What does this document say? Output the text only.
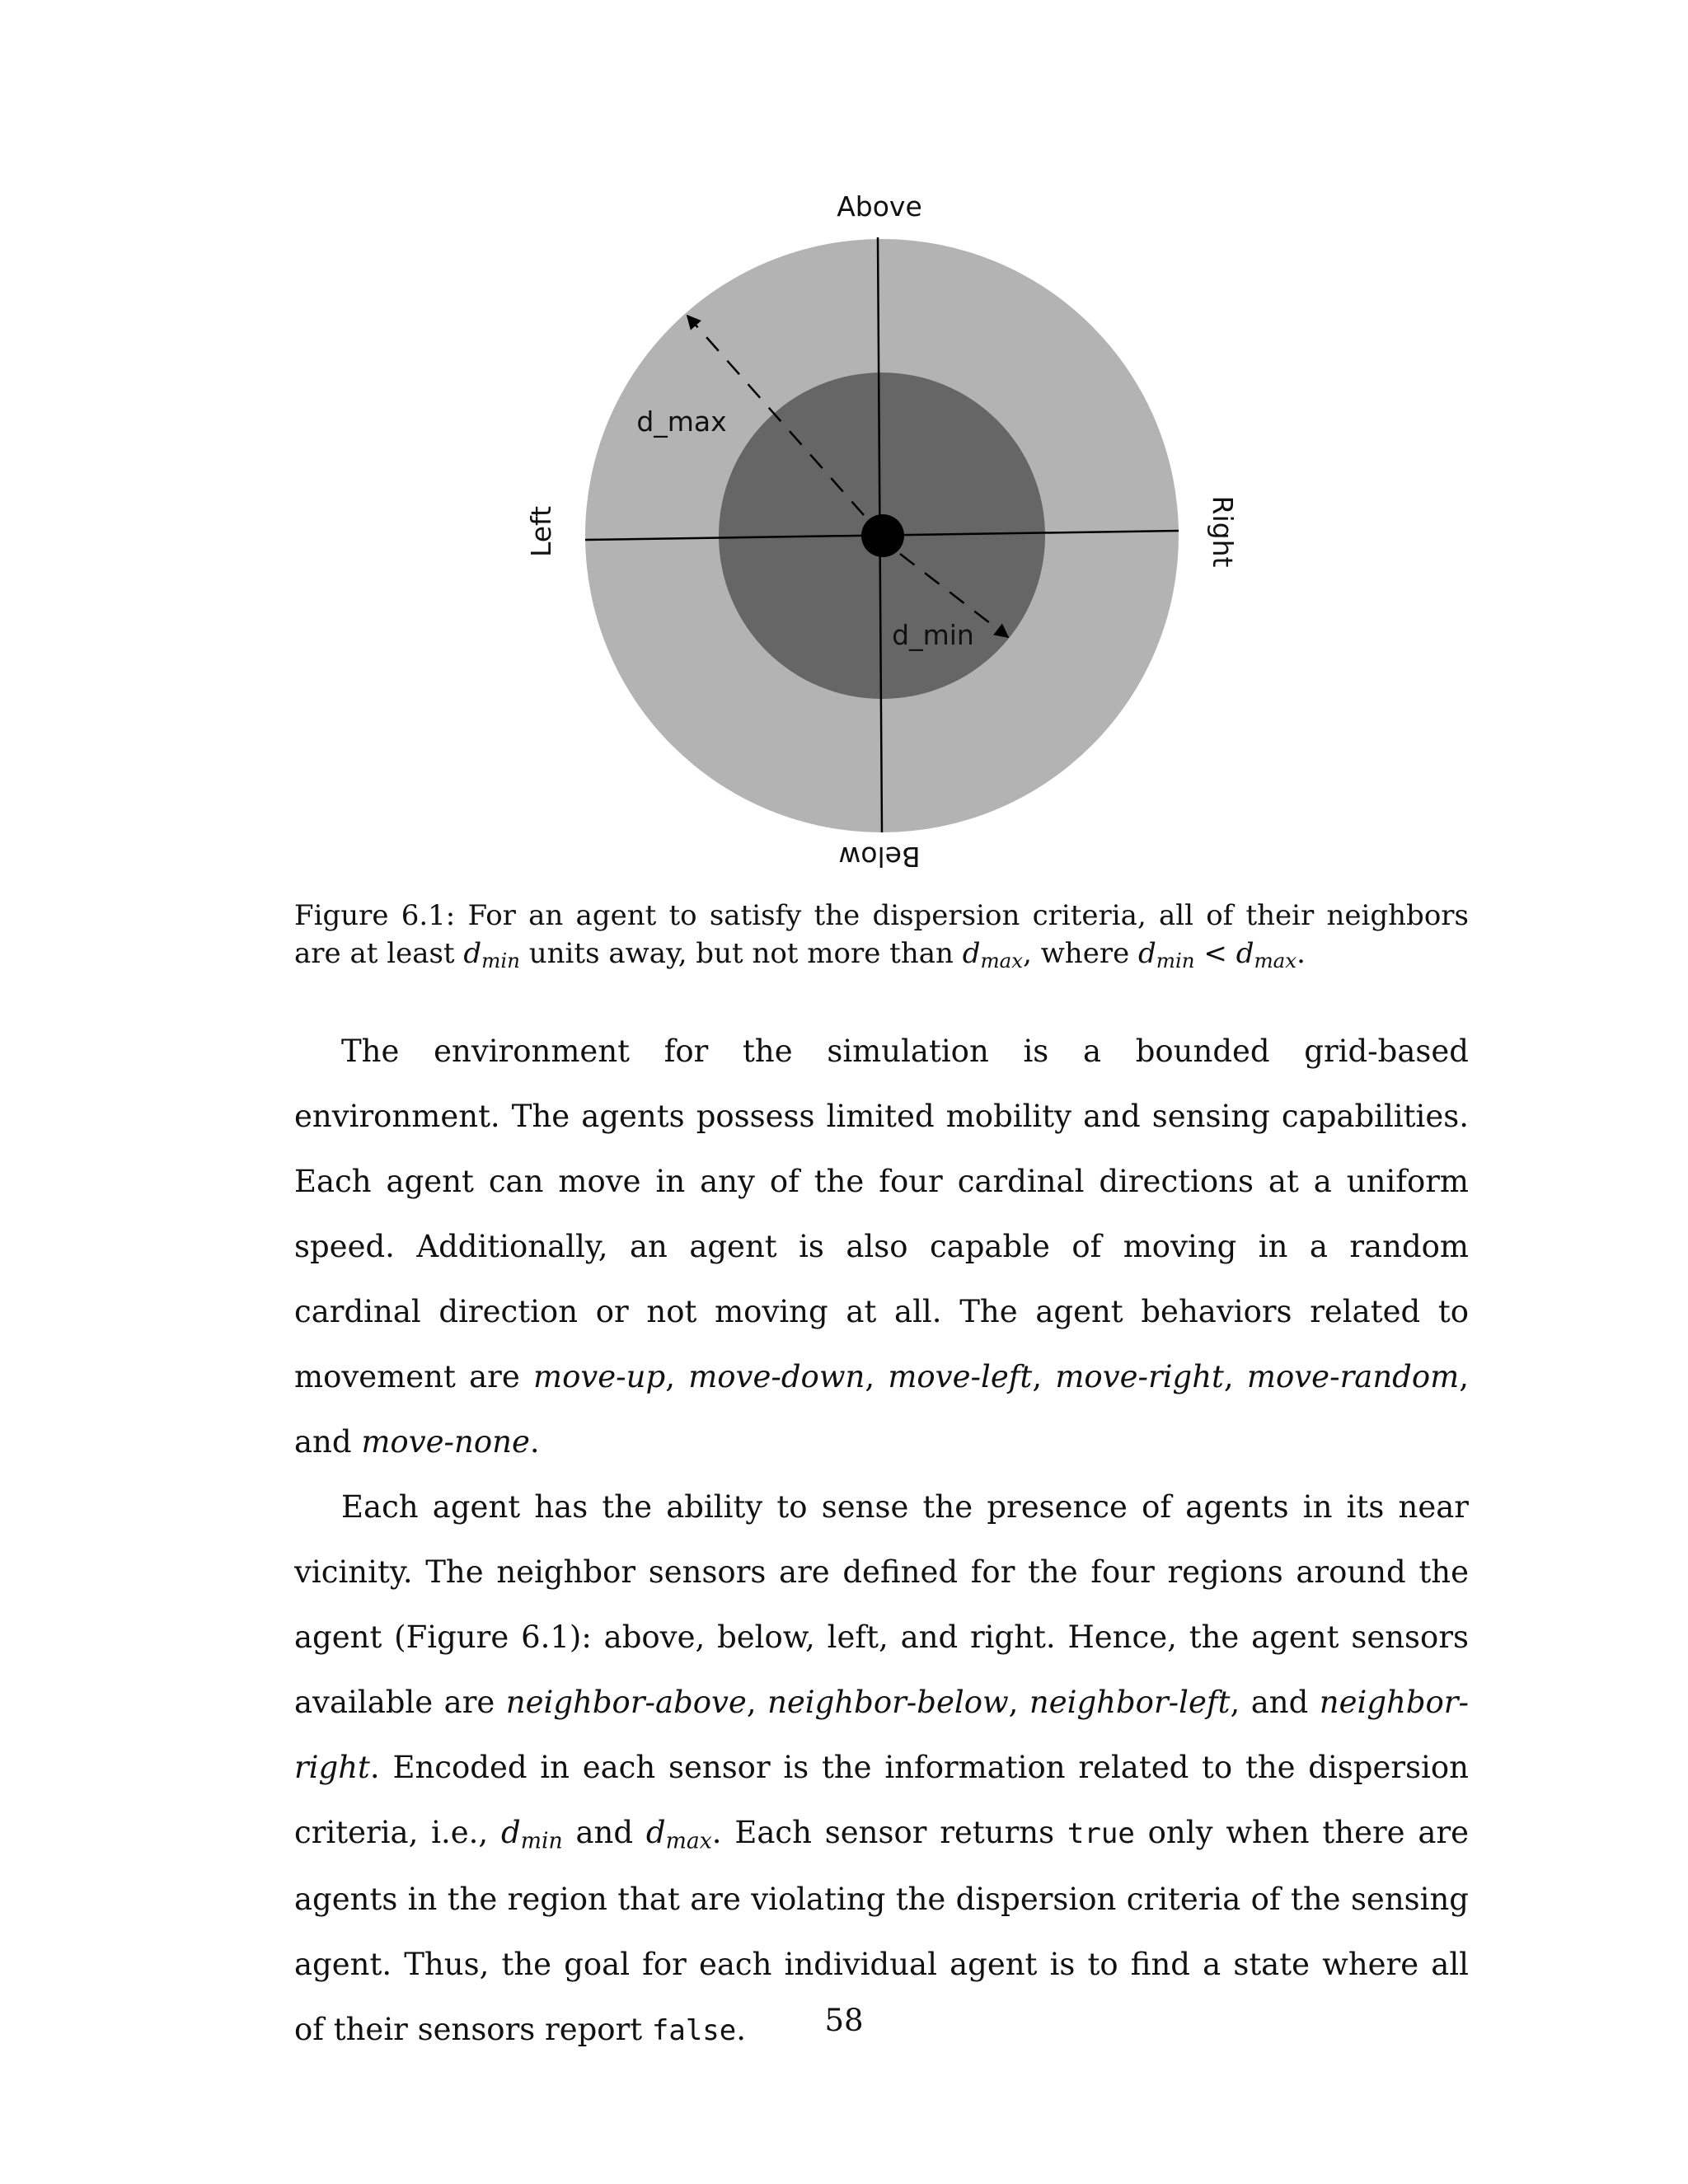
Above
Below
Left	Right
d_max
d_min
Figure 6.1: For an agent to satisfy the dispersion criteria, all of their neighbors are at least $d_{min}$ units away, but not more than $d_{max}$, where $d_{min} < d_{max}$.

The environment for the simulation is a bounded grid-based environment. The agents possess limited mobility and sensing capabilities. Each agent can move in any of the four cardinal directions at a uniform speed. Additionally, an agent is also capable of moving in a random cardinal direction or not moving at all. The agent behaviors related to movement are move-up, move-down, move-left, move-right, move-random, and move-none.

Each agent has the ability to sense the presence of agents in its near vicinity. The neighbor sensors are defined for the four regions around the agent (Figure 6.1): above, below, left, and right. Hence, the agent sensors available are neighbor-above, neighbor-below, neighbor-left, and neighbor-right. Encoded in each sensor is the information related to the dispersion criteria, i.e., $d_{min}$ and $d_{max}$. Each sensor returns true only when there are agents in the region that are violating the dispersion criteria of the sensing agent. Thus, the goal for each individual agent is to find a state where all of their sensors report false.	58
